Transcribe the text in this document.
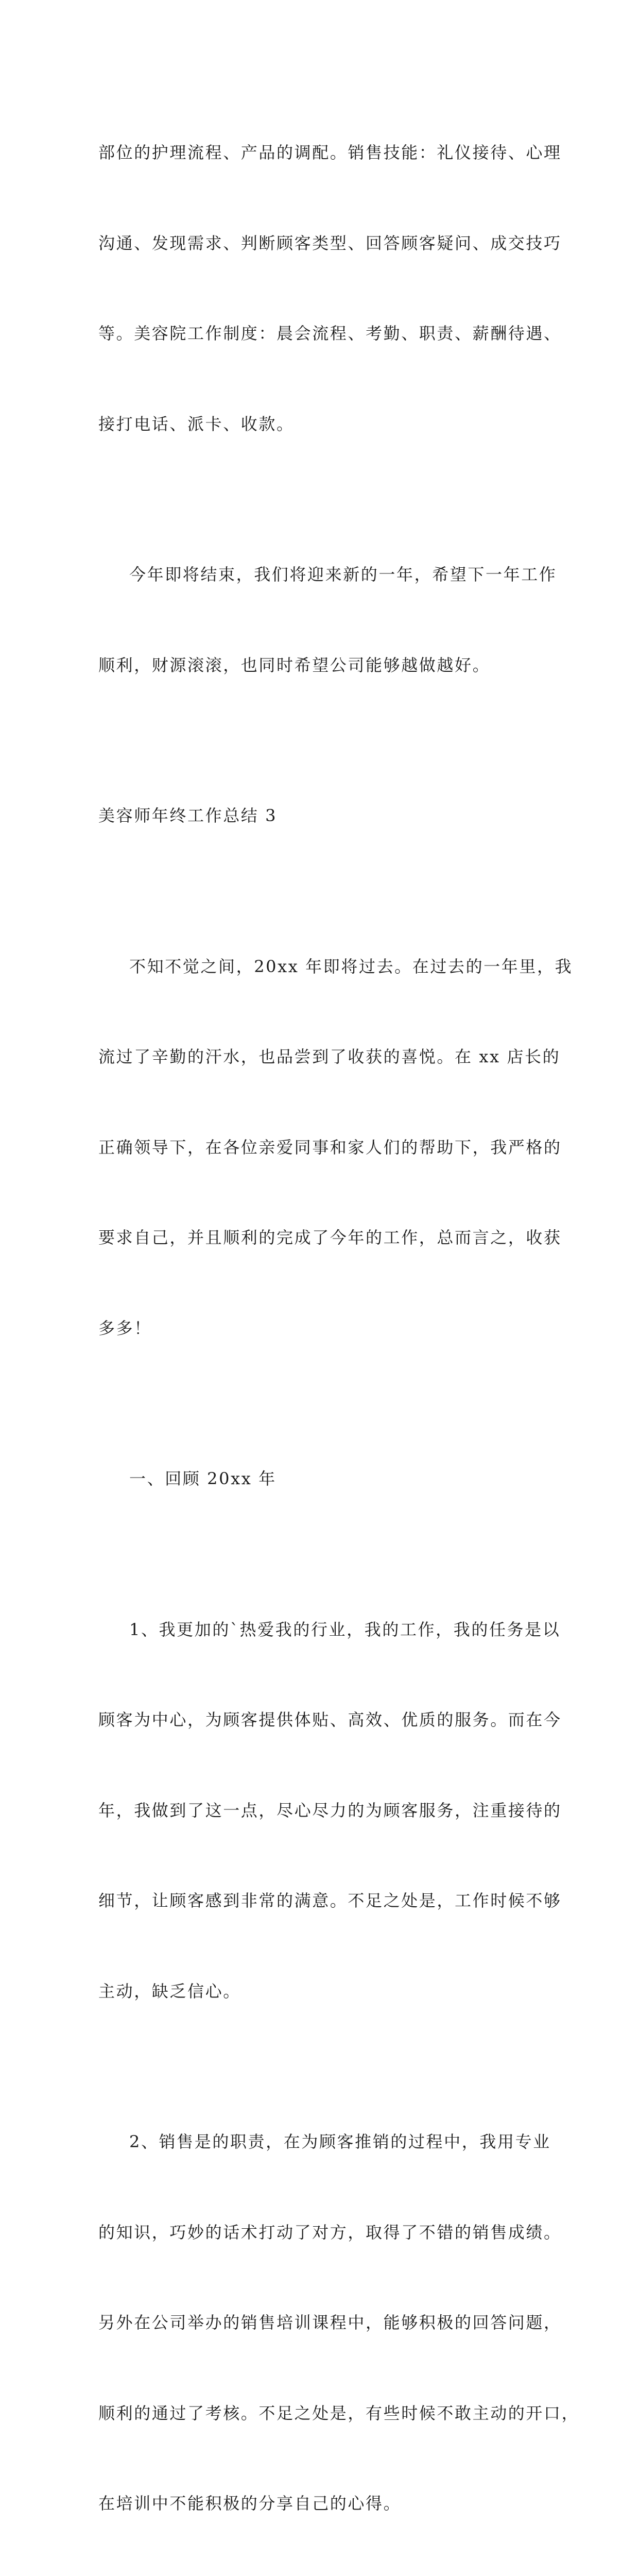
部位的护理流程、产品的调配。销售技能：礼仪接待、心理

沟通、发现需求、判断顾客类型、回答顾客疑问、成交技巧

等。美容院工作制度：晨会流程、考勤、职责、薪酬待遇、

接打电话、派卡、收款。

今年即将结束，我们将迎来新的一年，希望下一年工作

顺利，财源滚滚，也同时希望公司能够越做越好。

美容师年终工作总结 3

不知不觉之间，20xx 年即将过去。在过去的一年里，我

流过了辛勤的汗水，也品尝到了收获的喜悦。在 xx 店长的

正确领导下，在各位亲爱同事和家人们的帮助下，我严格的

要求自己，并且顺利的完成了今年的工作，总而言之，收获

多多！

一、回顾 20xx 年

1、我更加的`热爱我的行业，我的工作，我的任务是以

顾客为中心，为顾客提供体贴、高效、优质的服务。而在今

年，我做到了这一点，尽心尽力的为顾客服务，注重接待的

细节，让顾客感到非常的满意。不足之处是，工作时候不够

主动，缺乏信心。

2、销售是的职责，在为顾客推销的过程中，我用专业

的知识，巧妙的话术打动了对方，取得了不错的销售成绩。

另外在公司举办的销售培训课程中，能够积极的回答问题，

顺利的通过了考核。不足之处是，有些时候不敢主动的开口，

在培训中不能积极的分享自己的心得。
